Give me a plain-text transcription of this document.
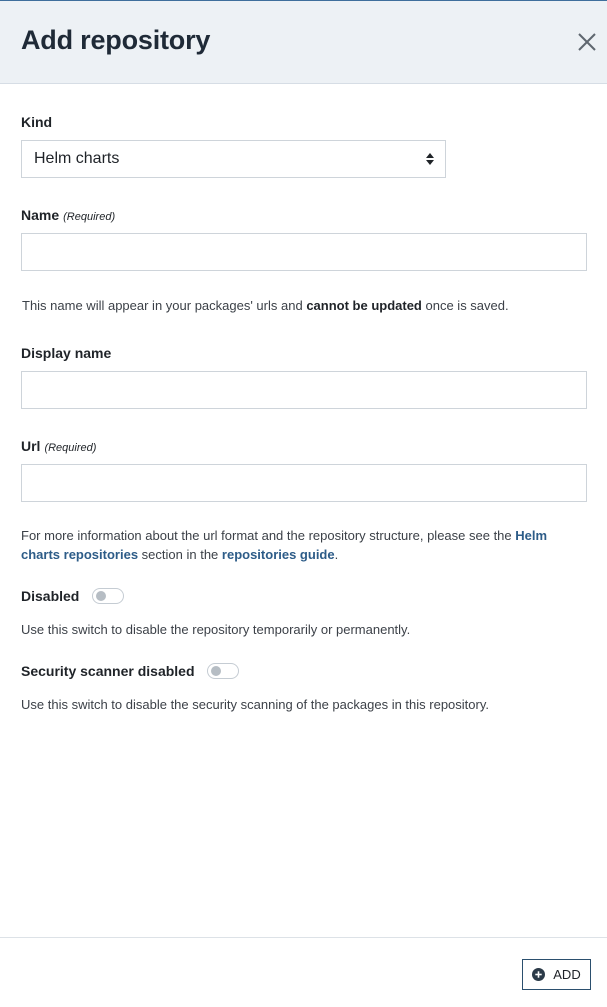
Add repository
Kind
Helm charts
Name (Required)

This name will appear in your packages' urls and cannot be updated once is saved.

Display name
Url (Required)

For more information about the url format and the repository structure, please see the Helm charts repositories section in the repositories guide.

Disabled

Use this switch to disable the repository temporarily or permanently.

Security scanner disabled

Use this switch to disable the security scanning of the packages in this repository.

ADD
